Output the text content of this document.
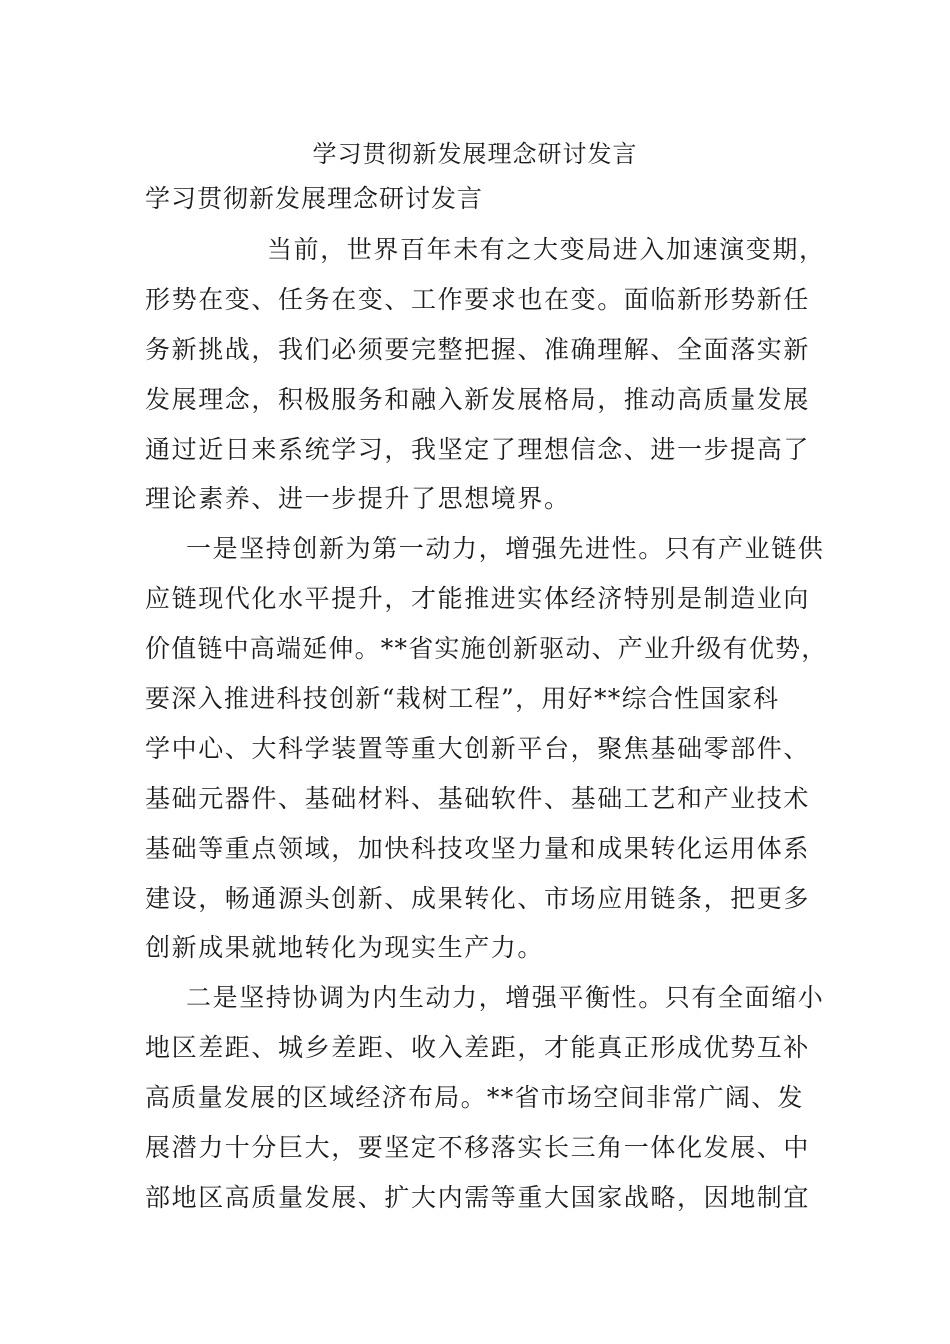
学习贯彻新发展理念研讨发言
学习贯彻新发展理念研讨发言
当前，世界百年未有之大变局进入加速演变期，
形势在变、任务在变、工作要求也在变。面临新形势新任
务新挑战，我们必须要完整把握、准确理解、全面落实新
发展理念，积极服务和融入新发展格局，推动高质量发展
通过近日来系统学习，我坚定了理想信念、进一步提高了
理论素养、进一步提升了思想境界。
一是坚持创新为第一动力，增强先进性。只有产业链供
应链现代化水平提升，才能推进实体经济特别是制造业向
价值链中高端延伸。**省实施创新驱动、产业升级有优势，
要深入推进科技创新“栽树工程”，用好**综合性国家科
学中心、大科学装置等重大创新平台，聚焦基础零部件、
基础元器件、基础材料、基础软件、基础工艺和产业技术
基础等重点领域，加快科技攻坚力量和成果转化运用体系
建设，畅通源头创新、成果转化、市场应用链条，把更多
创新成果就地转化为现实生产力。
二是坚持协调为内生动力，增强平衡性。只有全面缩小
地区差距、城乡差距、收入差距，才能真正形成优势互补
高质量发展的区域经济布局。**省市场空间非常广阔、发
展潜力十分巨大，要坚定不移落实长三角一体化发展、中
部地区高质量发展、扩大内需等重大国家战略，因地制宜
